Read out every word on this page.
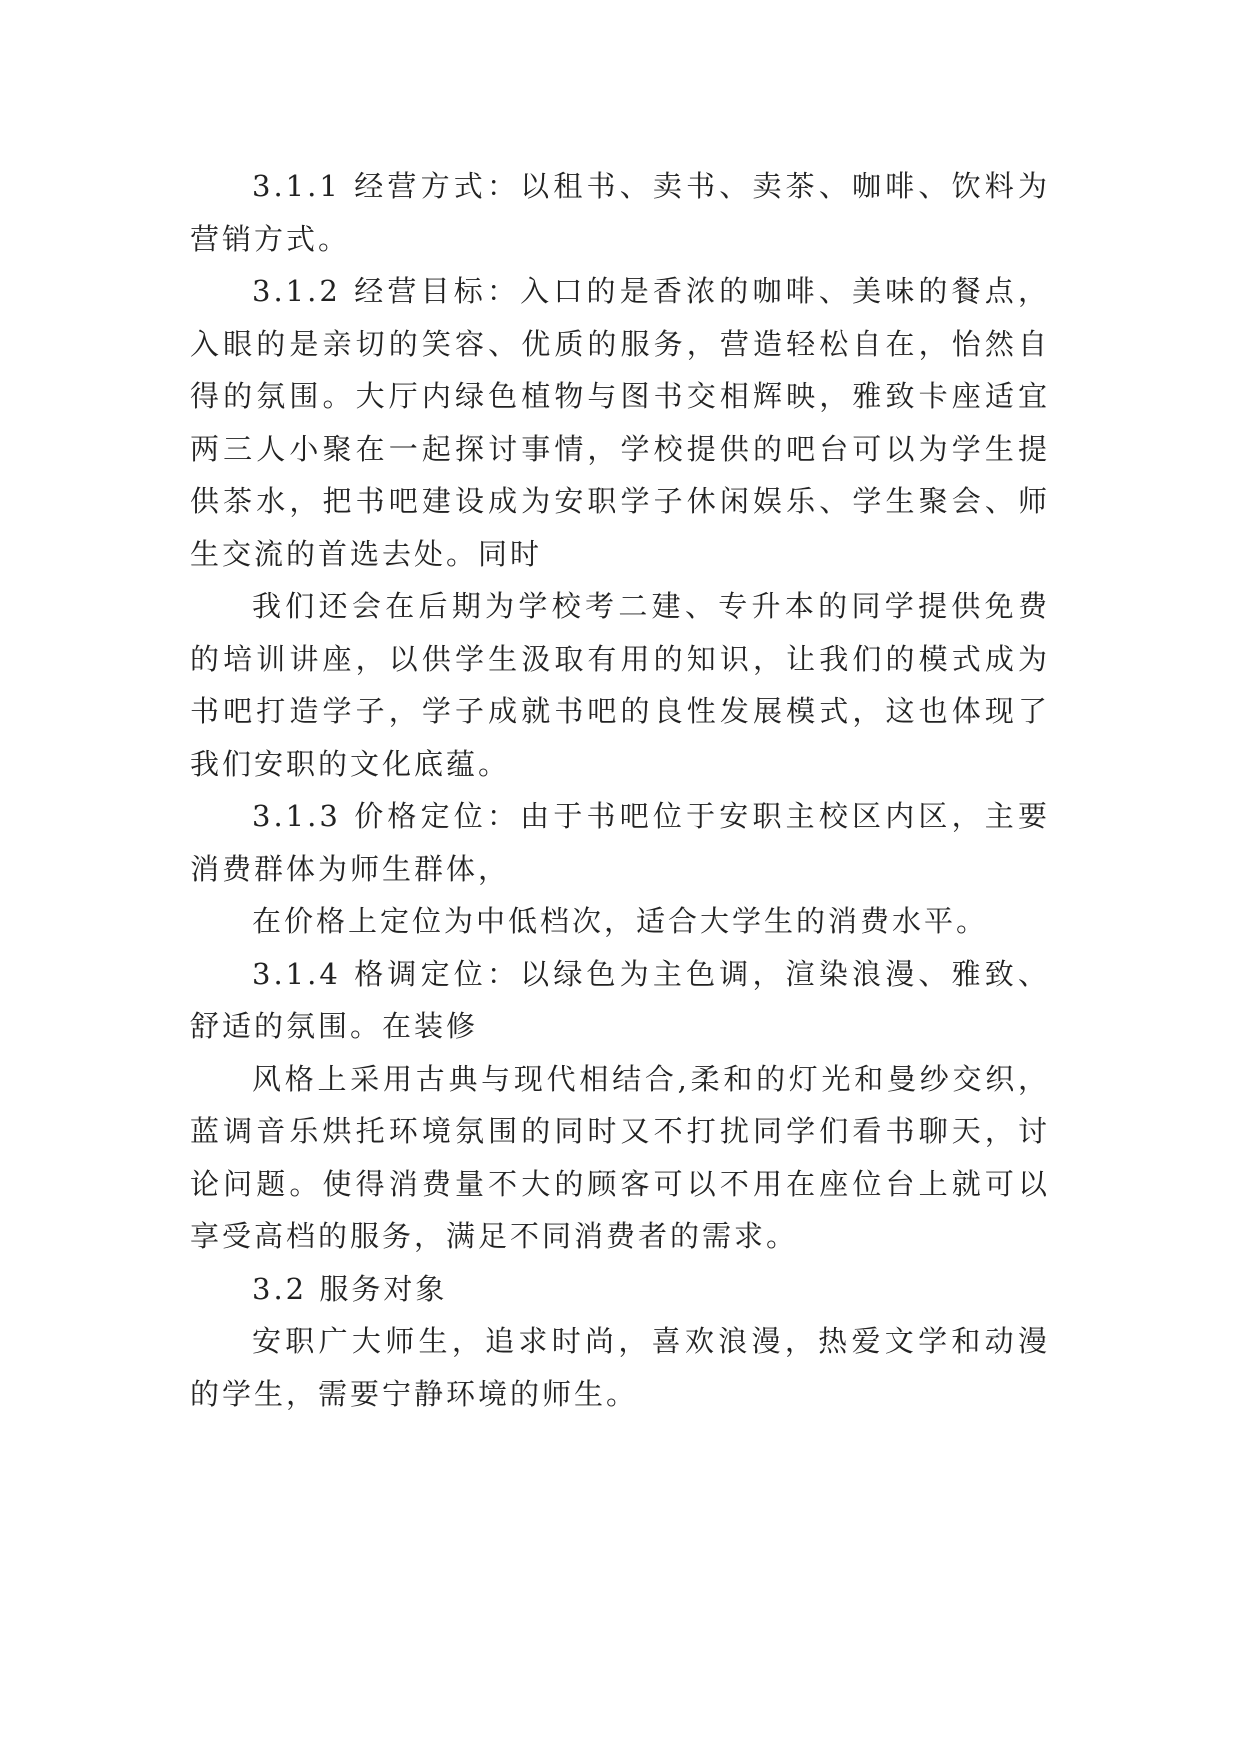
3.1.1 经营方式：以租书、卖书、卖茶、咖啡、饮料为营销方式。

3.1.2 经营目标：入口的是香浓的咖啡、美味的餐点，入眼的是亲切的笑容、优质的服务，营造轻松自在，怡然自得的氛围。大厅内绿色植物与图书交相辉映，雅致卡座适宜两三人小聚在一起探讨事情，学校提供的吧台可以为学生提供茶水，把书吧建设成为安职学子休闲娱乐、学生聚会、师生交流的首选去处。同时

我们还会在后期为学校考二建、专升本的同学提供免费的培训讲座，以供学生汲取有用的知识，让我们的模式成为书吧打造学子，学子成就书吧的良性发展模式，这也体现了我们安职的文化底蕴。

3.1.3 价格定位：由于书吧位于安职主校区内区，主要消费群体为师生群体，

在价格上定位为中低档次，适合大学生的消费水平。

3.1.4 格调定位：以绿色为主色调，渲染浪漫、雅致、舒适的氛围。在装修

风格上采用古典与现代相结合,柔和的灯光和曼纱交织，蓝调音乐烘托环境氛围的同时又不打扰同学们看书聊天，讨论问题。使得消费量不大的顾客可以不用在座位台上就可以享受高档的服务，满足不同消费者的需求。

3.2 服务对象

安职广大师生，追求时尚，喜欢浪漫，热爱文学和动漫的学生，需要宁静环境的师生。
